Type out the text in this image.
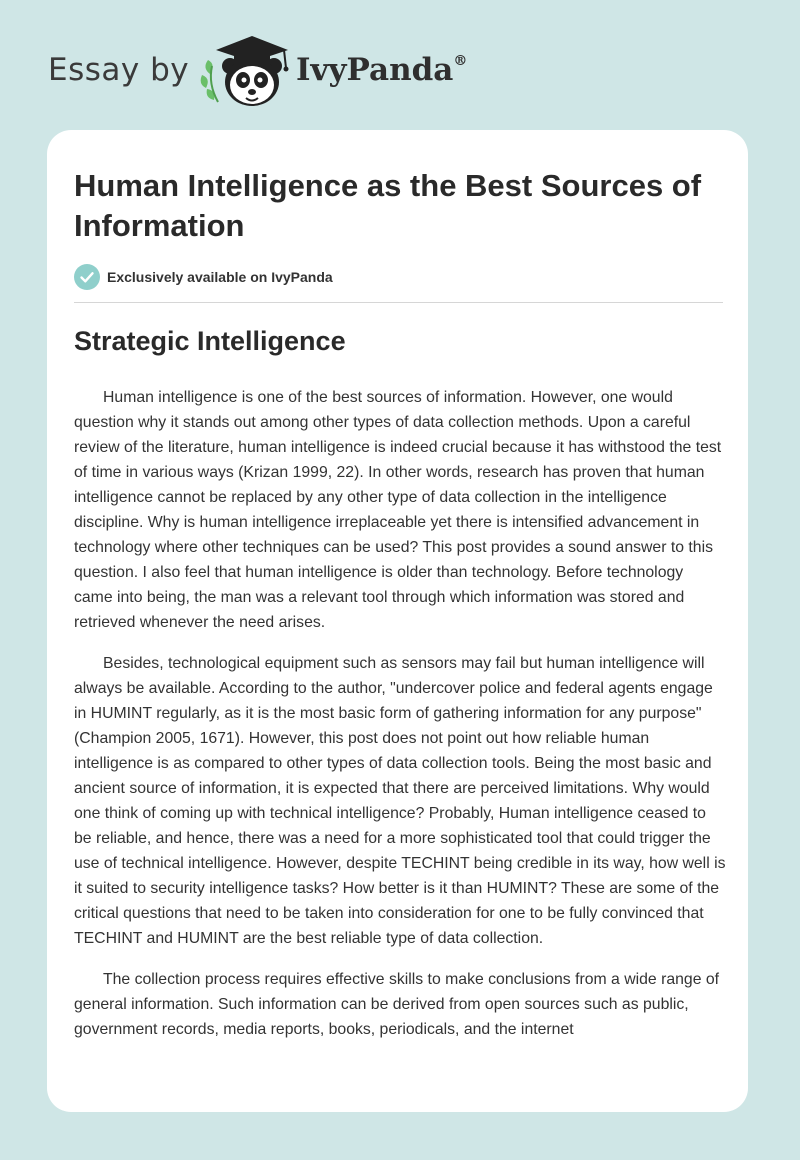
Essay by	IvyPanda®
Human Intelligence as the Best Sources of Information
Exclusively available on IvyPanda
Strategic Intelligence

Human intelligence is one of the best sources of information. However, one would question why it stands out among other types of data collection methods. Upon a careful review of the literature, human intelligence is indeed crucial because it has withstood the test of time in various ways (Krizan 1999, 22). In other words, research has proven that human intelligence cannot be replaced by any other type of data collection in the intelligence discipline. Why is human intelligence irreplaceable yet there is intensified advancement in technology where other techniques can be used? This post provides a sound answer to this question. I also feel that human intelligence is older than technology. Before technology came into being, the man was a relevant tool through which information was stored and retrieved whenever the need arises.

Besides, technological equipment such as sensors may fail but human intelligence will always be available. According to the author, "undercover police and federal agents engage in HUMINT regularly, as it is the most basic form of gathering information for any purpose" (Champion 2005, 1671). However, this post does not point out how reliable human intelligence is as compared to other types of data collection tools. Being the most basic and ancient source of information, it is expected that there are perceived limitations. Why would one think of coming up with technical intelligence? Probably, Human intelligence ceased to be reliable, and hence, there was a need for a more sophisticated tool that could trigger the use of technical intelligence. However, despite TECHINT being credible in its way, how well is it suited to security intelligence tasks? How better is it than HUMINT? These are some of the critical questions that need to be taken into consideration for one to be fully convinced that TECHINT and HUMINT are the best reliable type of data collection.

The collection process requires effective skills to make conclusions from a wide range of general information. Such information can be derived from open sources such as public, government records, media reports, books, periodicals, and the internet
